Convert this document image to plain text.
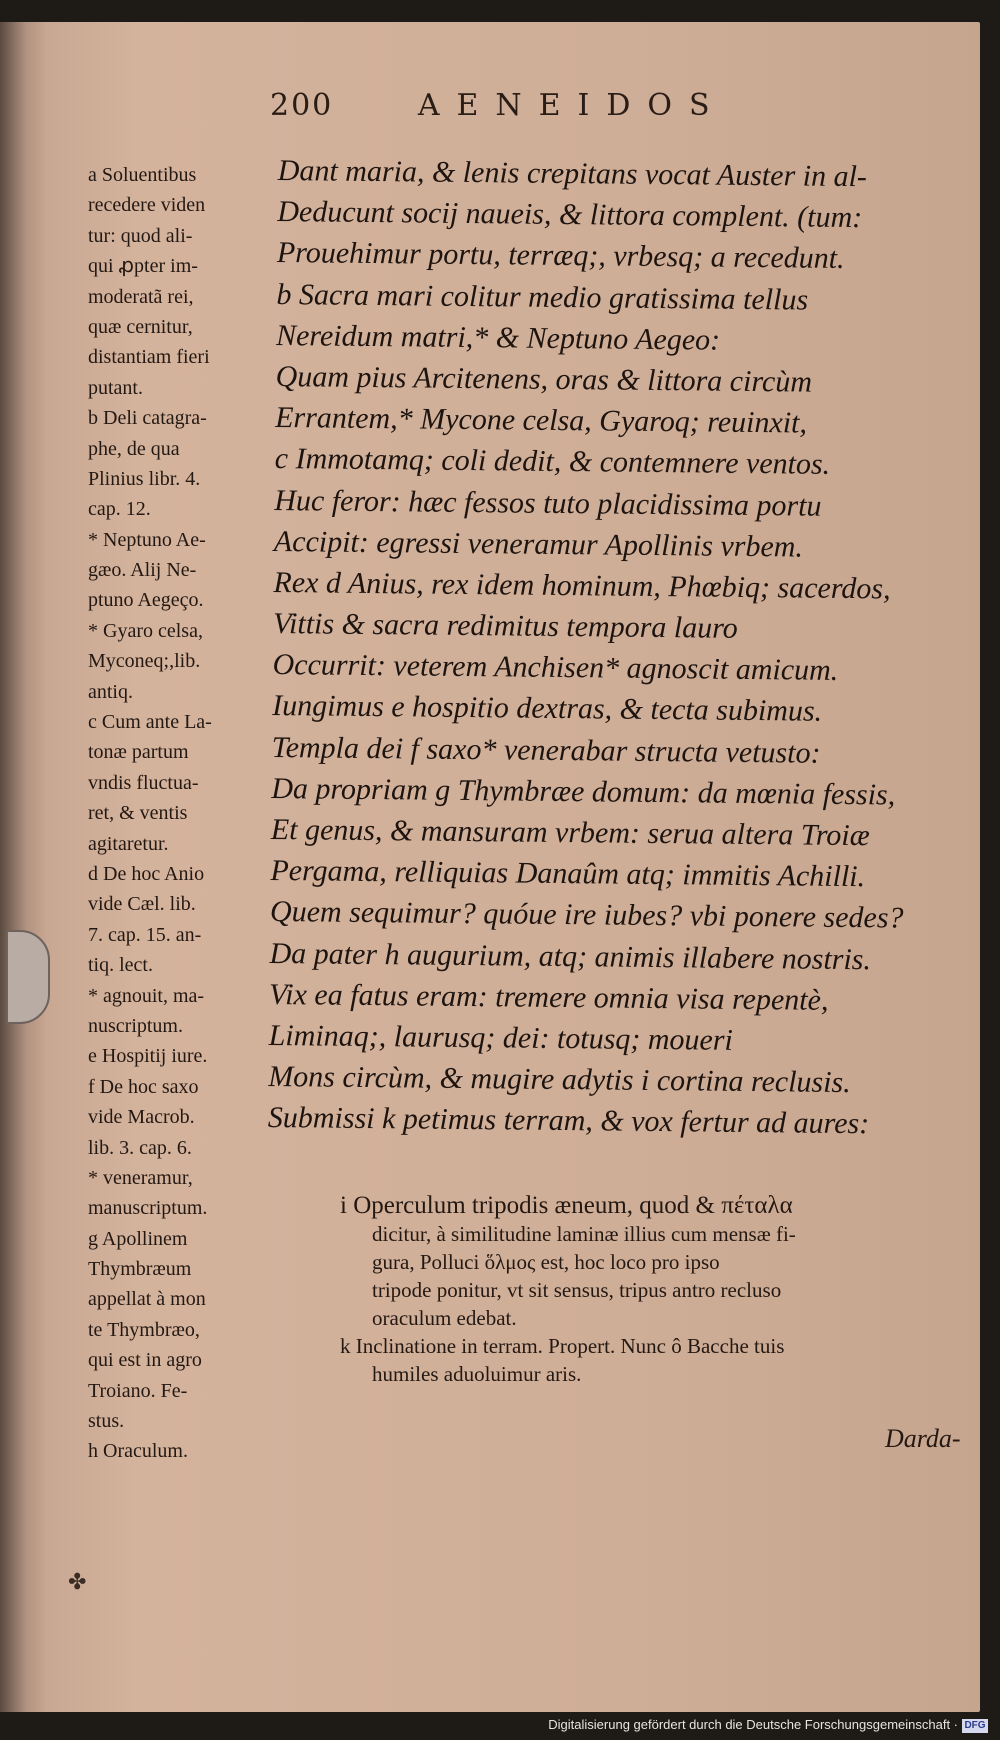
200	AENEIDOS
a Soluentibus
recedere viden
tur: quod ali-
qui ꝓpter im-
moderatã rei,
quæ cernitur,
distantiam fieri
putant.
b Deli catagra-
phe, de qua
Plinius libr. 4.
cap. 12.
* Neptuno Ae-
gæo. Alij Ne-
ptuno Aegeço.
* Gyaro celsa,
Myconeq;,lib.
antiq.
c Cum ante La-
tonæ partum
vndis fluctua-
ret, & ventis
agitaretur.
d De hoc Anio
vide Cæl. lib.
7. cap. 15. an-
tiq. lect.
* agnouit, ma-
nuscriptum.
e Hospitij iure.
f De hoc saxo
vide Macrob.
lib. 3. cap. 6.
* veneramur,
manuscriptum.
g Apollinem
Thymbræum
appellat à mon
te Thymbræo,
qui est in agro
Troiano. Fe-
stus.
h Oraculum.
Dant maria, & lenis crepitans vocat Auster in al-
Deducunt socij naueis, & littora complent. (tum:
Prouehimur portu, terræq;, vrbesq; a recedunt.
b Sacra mari colitur medio gratissima tellus
Nereidum matri,* & Neptuno Aegeo:
Quam pius Arcitenens, oras & littora circùm
Errantem,* Mycone celsa, Gyaroq; reuinxit,
c Immotamq; coli dedit, & contemnere ventos.
Huc feror: hæc fessos tuto placidissima portu
Accipit: egressi veneramur Apollinis vrbem.
Rex d Anius, rex idem hominum, Phœbiq; sacerdos,
Vittis & sacra redimitus tempora lauro
Occurrit: veterem Anchisen* agnoscit amicum.
Iungimus e hospitio dextras, & tecta subimus.
Templa dei f saxo* venerabar structa vetusto:
Da propriam g Thymbræe domum: da mœnia fessis,
Et genus, & mansuram vrbem: serua altera Troiæ
Pergama, relliquias Danaûm atq; immitis Achilli.
Quem sequimur? quóue ire iubes? vbi ponere sedes?
Da pater h augurium, atq; animis illabere nostris.
Vix ea fatus eram: tremere omnia visa repentè,
Liminaq;, laurusq; dei: totusq; moueri
Mons circùm, & mugire adytis i cortina reclusis.
Submissi k petimus terram, & vox fertur ad aures:
i Operculum tripodis æneum, quod & πέταλα
dicitur, à similitudine laminæ illius cum mensæ fi-
gura, Polluci ὅλμος est, hoc loco pro ipso
tripode ponitur, vt sit sensus, tripus antro recluso
oraculum edebat.
k Inclinatione in terram. Propert. Nunc ô Bacche tuis
humiles aduoluimur aris.
Darda-
✤
Digitalisierung gefördert durch die Deutsche Forschungsgemeinschaft · DFG
